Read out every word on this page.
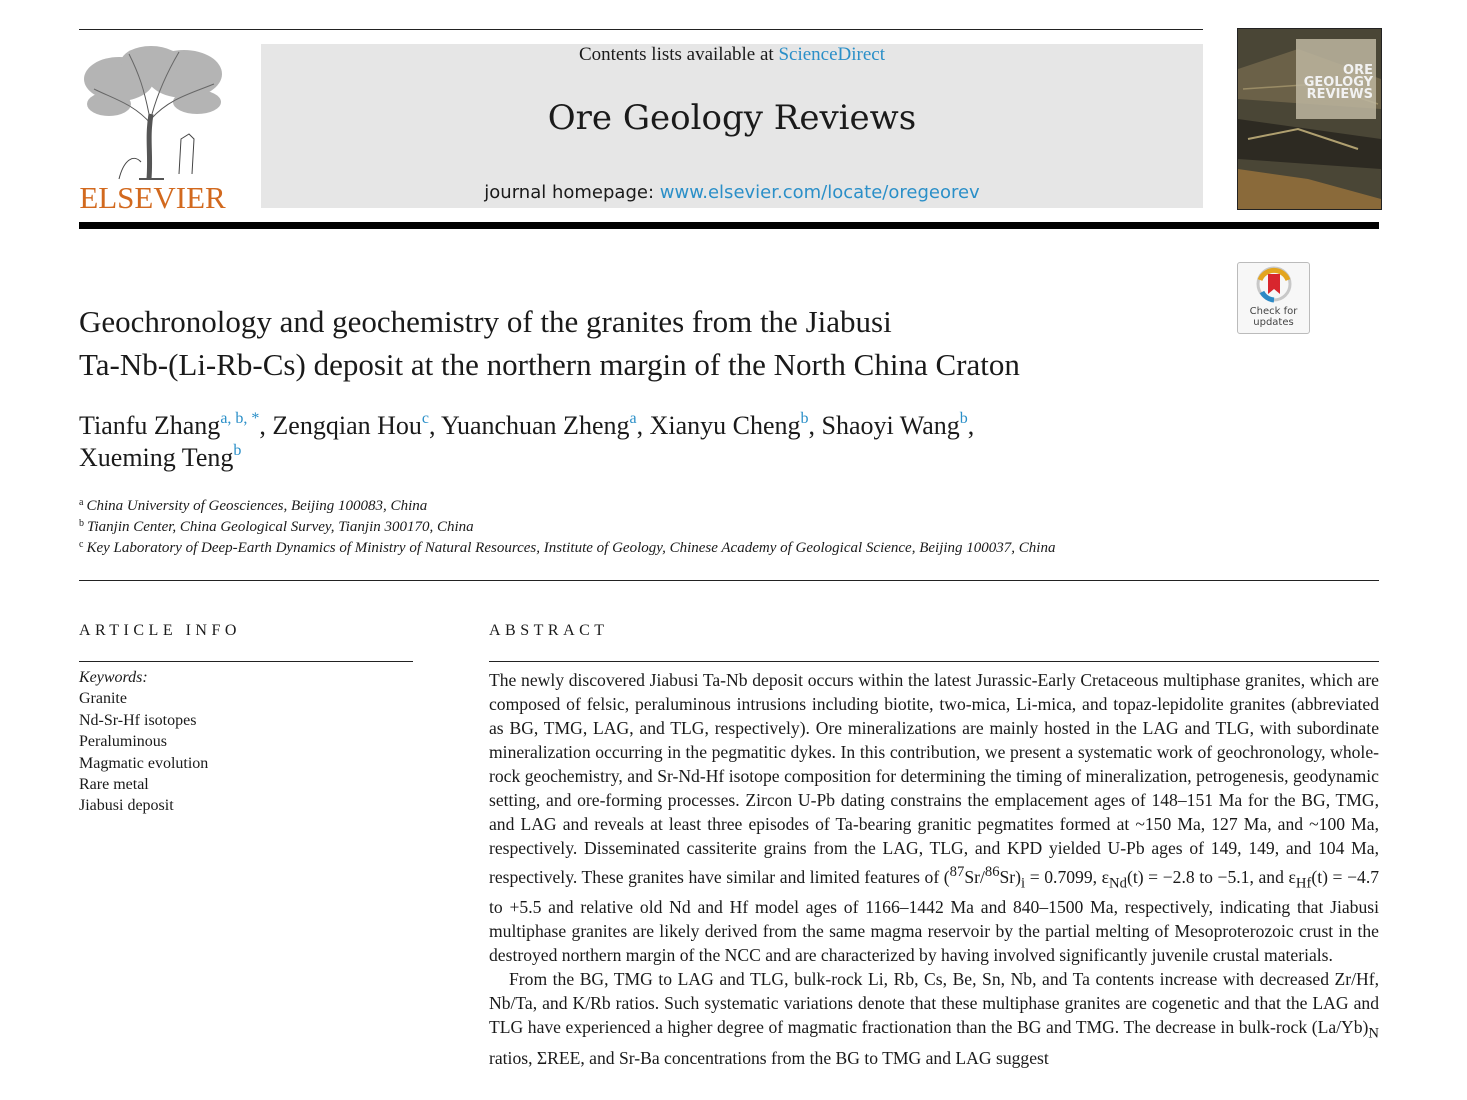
ELSEVIER
Contents lists available at ScienceDirect
Ore Geology Reviews
journal homepage: www.elsevier.com/locate/oregeorev
ORE
GEOLOGY
REVIEWS
Check for
updates
Geochronology and geochemistry of the granites from the Jiabusi
Ta-Nb-(Li-Rb-Cs) deposit at the northern margin of the North China Craton
Tianfu Zhang$^{a, b, *}$, Zengqian Hou$^c$, Yuanchuan Zheng$^a$, Xianyu Cheng$^b$, Shaoyi Wang$^b$,
Xueming Teng$^b$
$^a$ China University of Geosciences, Beijing 100083, China
$^b$ Tianjin Center, China Geological Survey, Tianjin 300170, China
$^c$ Key Laboratory of Deep-Earth Dynamics of Ministry of Natural Resources, Institute of Geology, Chinese Academy of Geological Science, Beijing 100037, China
ARTICLE INFO
Keywords:
Granite
Nd-Sr-Hf isotopes
Peraluminous
Magmatic evolution
Rare metal
Jiabusi deposit
ABSTRACT

The newly discovered Jiabusi Ta-Nb deposit occurs within the latest Jurassic-Early Cretaceous multiphase granites, which are composed of felsic, peraluminous intrusions including biotite, two-mica, Li-mica, and topaz-lepidolite granites (abbreviated as BG, TMG, LAG, and TLG, respectively). Ore mineralizations are mainly hosted in the LAG and TLG, with subordinate mineralization occurring in the pegmatitic dykes. In this contribution, we present a systematic work of geochronology, whole-rock geochemistry, and Sr-Nd-Hf isotope composition for determining the timing of mineralization, petrogenesis, geodynamic setting, and ore-forming processes. Zircon U-Pb dating constrains the emplacement ages of 148–151 Ma for the BG, TMG, and LAG and reveals at least three episodes of Ta-bearing granitic pegmatites formed at ~150 Ma, 127 Ma, and ~100 Ma, respectively. Disseminated cassiterite grains from the LAG, TLG, and KPD yielded U-Pb ages of 149, 149, and 104 Ma, respectively. These granites have similar and limited features of $(^{87}Sr/^{86}Sr)_i = 0.7099$, $\varepsilon_{Nd}(t) = -2.8$ to −5.1, and $\varepsilon_{Hf}(t) = -4.7$ to +5.5 and relative old Nd and Hf model ages of 1166–1442 Ma and 840–1500 Ma, respectively, indicating that Jiabusi multiphase granites are likely derived from the same magma reservoir by the partial melting of Mesoproterozoic crust in the destroyed northern margin of the NCC and are characterized by having involved significantly juvenile crustal materials.

From the BG, TMG to LAG and TLG, bulk-rock Li, Rb, Cs, Be, Sn, Nb, and Ta contents increase with decreased Zr/Hf, Nb/Ta, and K/Rb ratios. Such systematic variations denote that these multiphase granites are cogenetic and that the LAG and TLG have experienced a higher degree of magmatic fractionation than the BG and TMG. The decrease in bulk-rock $(La/Yb)_N$ ratios, ΣREE, and Sr-Ba concentrations from the BG to TMG and LAG suggest
